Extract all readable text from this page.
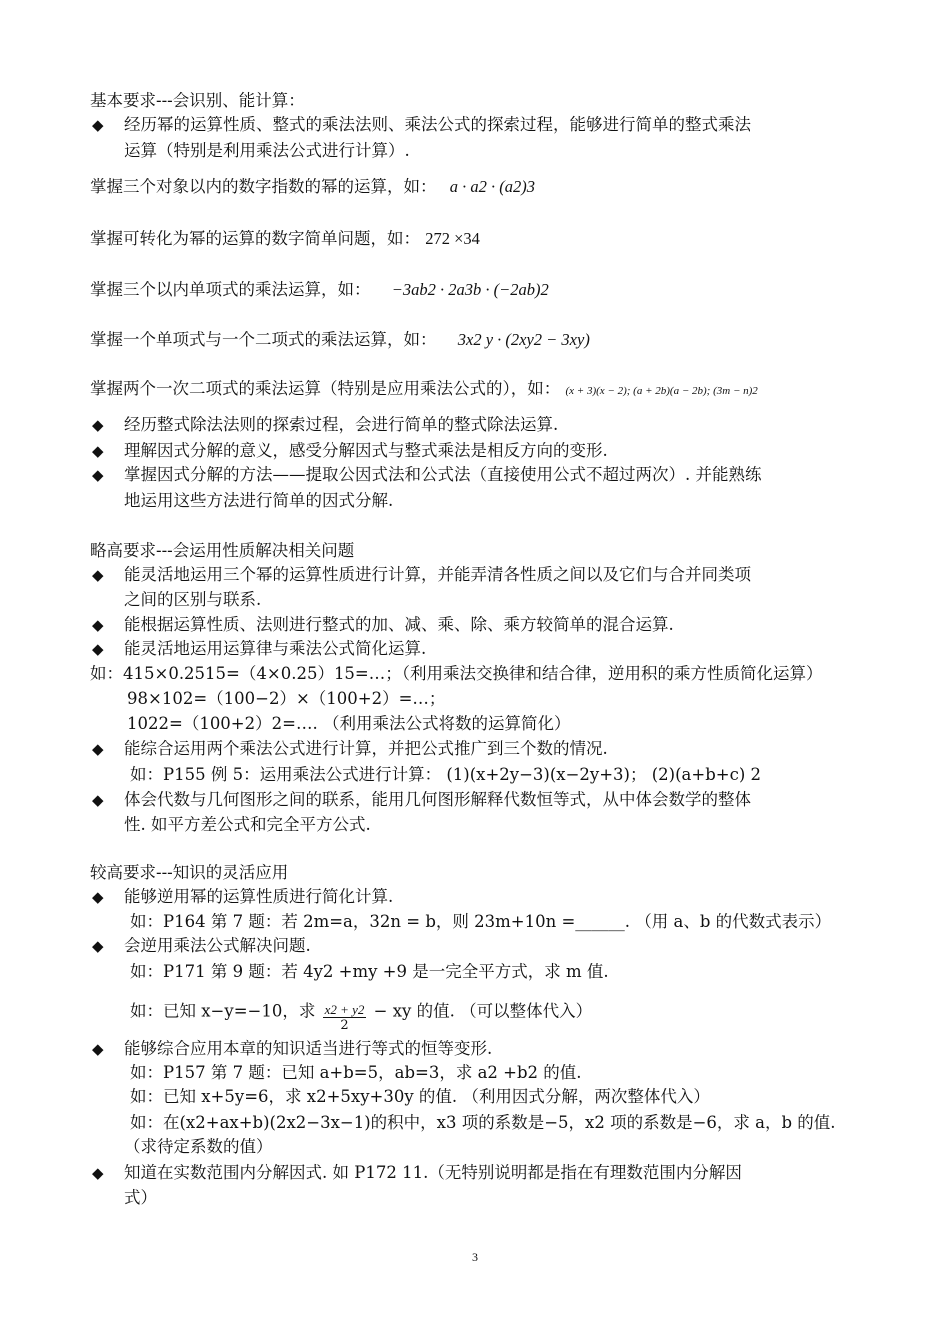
基本要求---会识别、能计算：
◆ 经历幂的运算性质、整式的乘法法则、乘法公式的探索过程，能够进行简单的整式乘法
运算（特别是利用乘法公式进行计算）.
掌握三个对象以内的数字指数的幂的运算，如： a · a2 · (a2)3
掌握可转化为幂的运算的数字简单问题，如： 272 ×34
掌握三个以内单项式的乘法运算，如： −3ab2 · 2a3b · (−2ab)2
掌握一个单项式与一个二项式的乘法运算，如： 3x2 y · (2xy2 − 3xy)
掌握两个一次二项式的乘法运算（特别是应用乘法公式的），如： (x + 3)(x − 2); (a + 2b)(a − 2b); (3m − n)2
◆ 经历整式除法法则的探索过程，会进行简单的整式除法运算.
◆ 理解因式分解的意义，感受分解因式与整式乘法是相反方向的变形.
◆ 掌握因式分解的方法——提取公因式法和公式法（直接使用公式不超过两次）. 并能熟练
地运用这些方法进行简单的因式分解.
略高要求---会运用性质解决相关问题
◆ 能灵活地运用三个幂的运算性质进行计算，并能弄清各性质之间以及它们与合并同类项
之间的区别与联系.
◆ 能根据运算性质、法则进行整式的加、减、乘、除、乘方较简单的混合运算.
◆ 能灵活地运用运算律与乘法公式简化运算.
如：415×0.2515=（4×0.25）15=…；（利用乘法交换律和结合律，逆用积的乘方性质简化运算）
98×102=（100−2）×（100+2）=…；
1022=（100+2）2=…. （利用乘法公式将数的运算简化）
◆ 能综合运用两个乘法公式进行计算，并把公式推广到三个数的情况.
如：P155 例 5：运用乘法公式进行计算： (1)(x+2y−3)(x−2y+3)； (2)(a+b+c) 2
◆ 体会代数与几何图形之间的联系，能用几何图形解释代数恒等式，从中体会数学的整体
性. 如平方差公式和完全平方公式.
较高要求---知识的灵活应用
◆ 能够逆用幂的运算性质进行简化计算.
如：P164 第 7 题：若 2m=a，32n = b，则 23m+10n =______. （用 a、b 的代数式表示）
◆ 会逆用乘法公式解决问题.
如：P171 第 9 题：若 4y2 +my +9 是一完全平方式，求 m 值.
如：已知 x−y=−10，求 $\frac{x2 + y2}{2}$ − xy 的值. （可以整体代入）
◆ 能够综合应用本章的知识适当进行等式的恒等变形.
如：P157 第 7 题：已知 a+b=5，ab=3，求 a2 +b2 的值.
如：已知 x+5y=6，求 x2+5xy+30y 的值. （利用因式分解，两次整体代入）
如：在(x2+ax+b)(2x2−3x−1)的积中，x3 项的系数是−5，x2 项的系数是−6，求 a，b 的值.
（求待定系数的值）
◆ 知道在实数范围内分解因式. 如 P172 11.（无特别说明都是指在有理数范围内分解因
式）
3
